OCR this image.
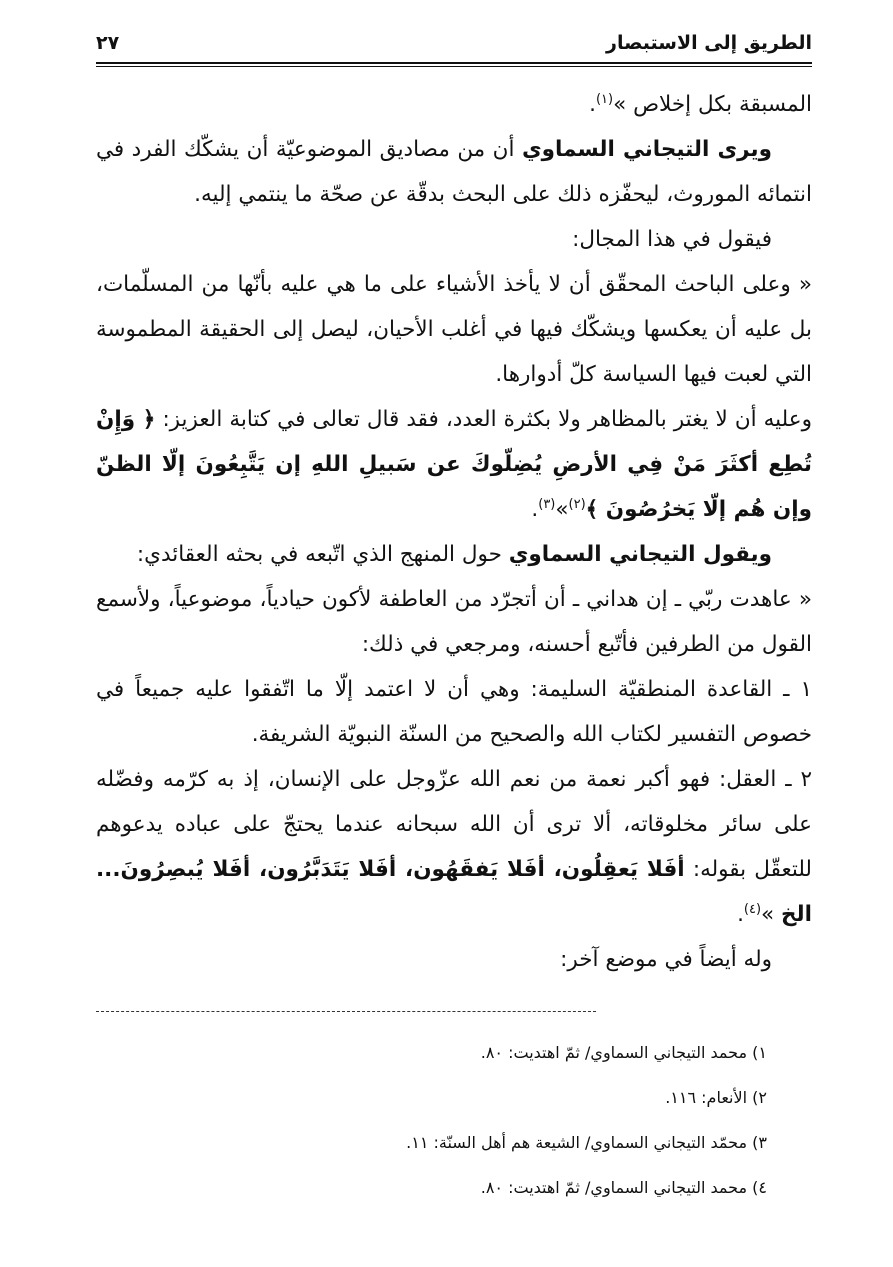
الطريق إلى الاستبصار
٢٧

المسبقة بكل إخلاص »$^{(١)}$.

ويرى التيجاني السماوي أن من مصاديق الموضوعيّة أن يشكّك الفرد في انتمائه الموروث، ليحفّزه ذلك على البحث بدقّة عن صحّة ما ينتمي إليه.

فيقول في هذا المجال:

« وعلى الباحث المحقّق أن لا يأخذ الأشياء على ما هي عليه بأنّها من المسلّمات، بل عليه أن يعكسها ويشكّك فيها في أغلب الأحيان، ليصل إلى الحقيقة المطموسة التي لعبت فيها السياسة كلّ أدوارها.

وعليه أن لا يغتر بالمظاهر ولا بكثرة العدد، فقد قال تعالى في كتابة العزيز: ﴿ وَإِنْ تُطِع أكثَرَ مَنْ فِي الأرضِ يُضِلّوكَ عن سَبيلِ اللهِ إن يَتَّبِعُونَ إلّا الظنّ وإن هُم إلّا يَخرُصُونَ ﴾$^{(٢)}$»$^{(٣)}$.

ويقول التيجاني السماوي حول المنهج الذي اتّبعه في بحثه العقائدي:

« عاهدت ربّي ـ إن هداني ـ أن أتجرّد من العاطفة لأكون حيادياً، موضوعياً، ولأسمع القول من الطرفين فأتّبع أحسنه، ومرجعي في ذلك:

١ ـ القاعدة المنطقيّة السليمة: وهي أن لا اعتمد إلّا ما اتّفقوا عليه جميعاً في خصوص التفسير لكتاب الله والصحيح من السنّة النبويّة الشريفة.

٢ ـ العقل: فهو أكبر نعمة من نعم الله عزّوجل على الإنسان، إذ به كرّمه وفضّله على سائر مخلوقاته، ألا ترى أن الله سبحانه عندما يحتجّ على عباده يدعوهم للتعقّل بقوله: أفَلا يَعقِلُون، أفَلا يَفقَهُون، أفَلا يَتَدَبَّرُون، أفَلا يُبصِرُونَ... الخ »$^{(٤)}$.

وله أيضاً في موضع آخر:

١) محمد التيجاني السماوي/ ثمّ اهتديت: ٨٠.
٢) الأنعام: ١١٦.
٣) محمّد التيجاني السماوي/ الشيعة هم أهل السنّة: ١١.
٤) محمد التيجاني السماوي/ ثمّ اهتديت: ٨٠.
